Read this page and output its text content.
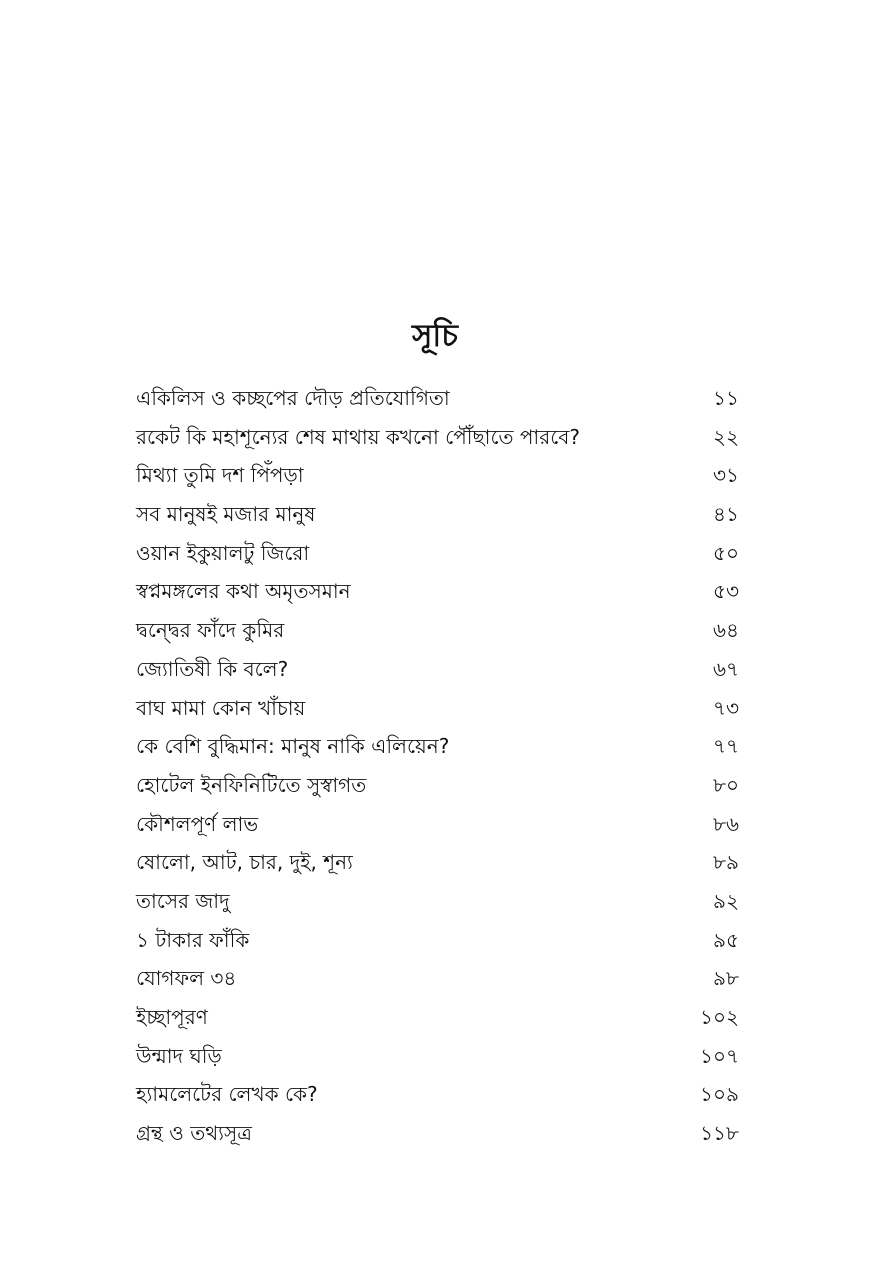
সূচি
একিলিস ও কচ্ছপের দৌড় প্রতিযোগিতা	১১
রকেট কি মহাশূন্যের শেষ মাথায় কখনো পৌঁছাতে পারবে?	২২
মিথ্যা তুমি দশ পিঁপড়া	৩১
সব মানুষই মজার মানুষ	৪১
ওয়ান ইকুয়ালটু জিরো	৫০
স্বপ্নমঙ্গলের কথা অমৃতসমান	৫৩
দ্বন্দ্বের ফাঁদে কুমির	৬৪
জ্যোতিষী কি বলে?	৬৭
বাঘ মামা কোন খাঁচায়	৭৩
কে বেশি বুদ্ধিমান: মানুষ নাকি এলিয়েন?	৭৭
হোটেল ইনফিনিটিতে সুস্বাগত	৮০
কৌশলপূর্ণ লাভ	৮৬
ষোলো, আট, চার, দুই, শূন্য	৮৯
তাসের জাদু	৯২
১ টাকার ফাঁকি	৯৫
যোগফল ৩৪	৯৮
ইচ্ছাপূরণ	১০২
উন্মাদ ঘড়ি	১০৭
হ্যামলেটের লেখক কে?	১০৯
গ্রন্থ ও তথ্যসূত্র	১১৮
